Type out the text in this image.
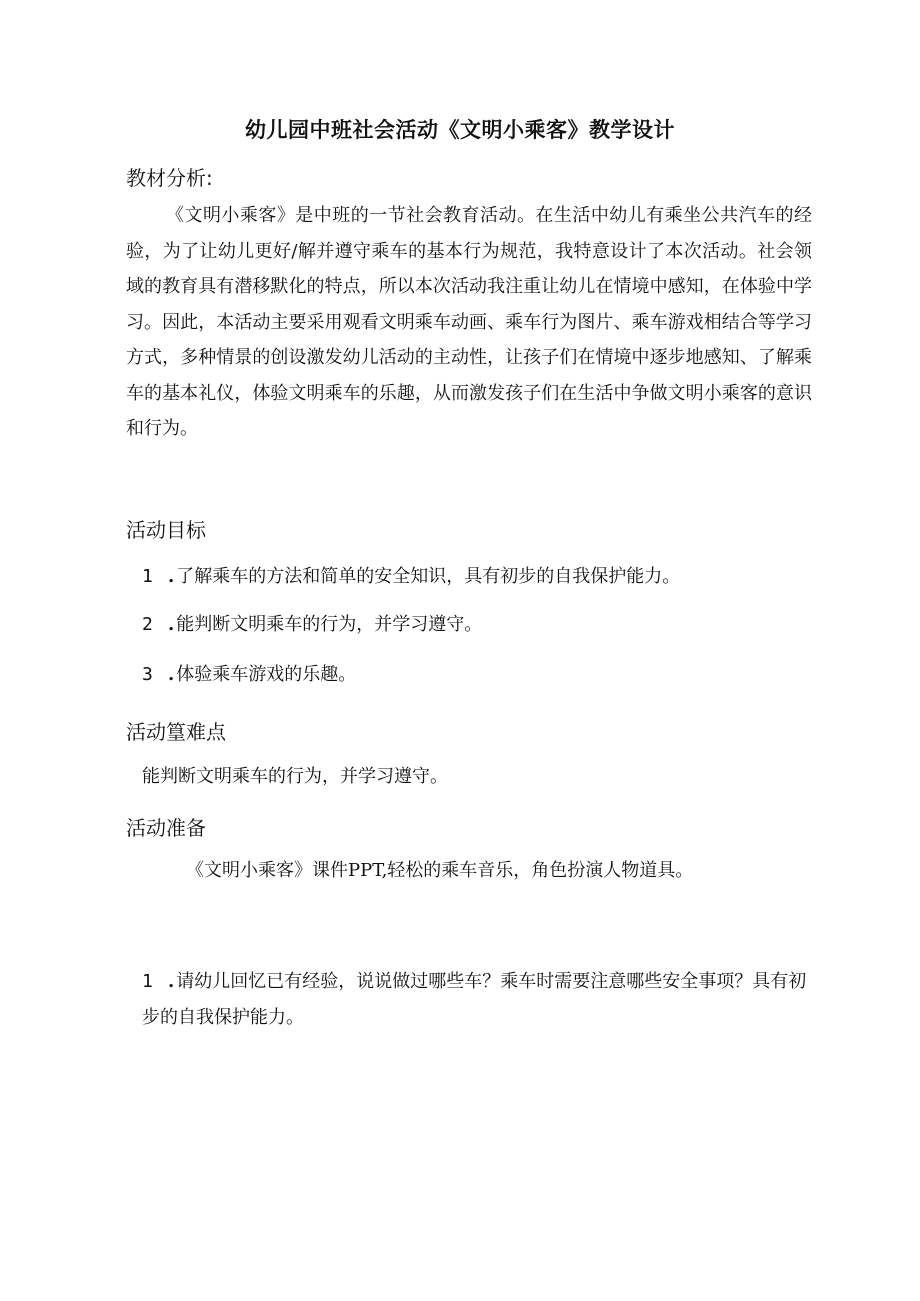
幼儿园中班社会活动《文明小乘客》教学设计
教材分析:

《文明小乘客》是中班的一节社会教育活动。在生活中幼儿有乘坐公共汽车的经验，为了让幼儿更好/解并遵守乘车的基本行为规范，我特意设计了本次活动。社会领域的教育具有潜移默化的特点，所以本次活动我注重让幼儿在情境中感知，在体验中学习。因此，本活动主要采用观看文明乘车动画、乘车行为图片、乘车游戏相结合等学习方式，多种情景的创设激发幼儿活动的主动性，让孩子们在情境中逐步地感知、了解乘车的基本礼仪，体验文明乘车的乐趣，从而激发孩子们在生活中争做文明小乘客的意识和行为。

活动目标

1 . 了解乘车的方法和简单的安全知识，具有初步的自我保护能力。

2 . 能判断文明乘车的行为，并学习遵守。

3 . 体验乘车游戏的乐趣。

活动篁难点

能判断文明乘车的行为，并学习遵守。

活动准备

《文明小乘客》课件PPT,轻松的乘车音乐，角色扮演人物道具。

1 . 请幼儿回忆已有经验，说说做过哪些车？乘车时需要注意哪些安全事项？具有初步的自我保护能力。
